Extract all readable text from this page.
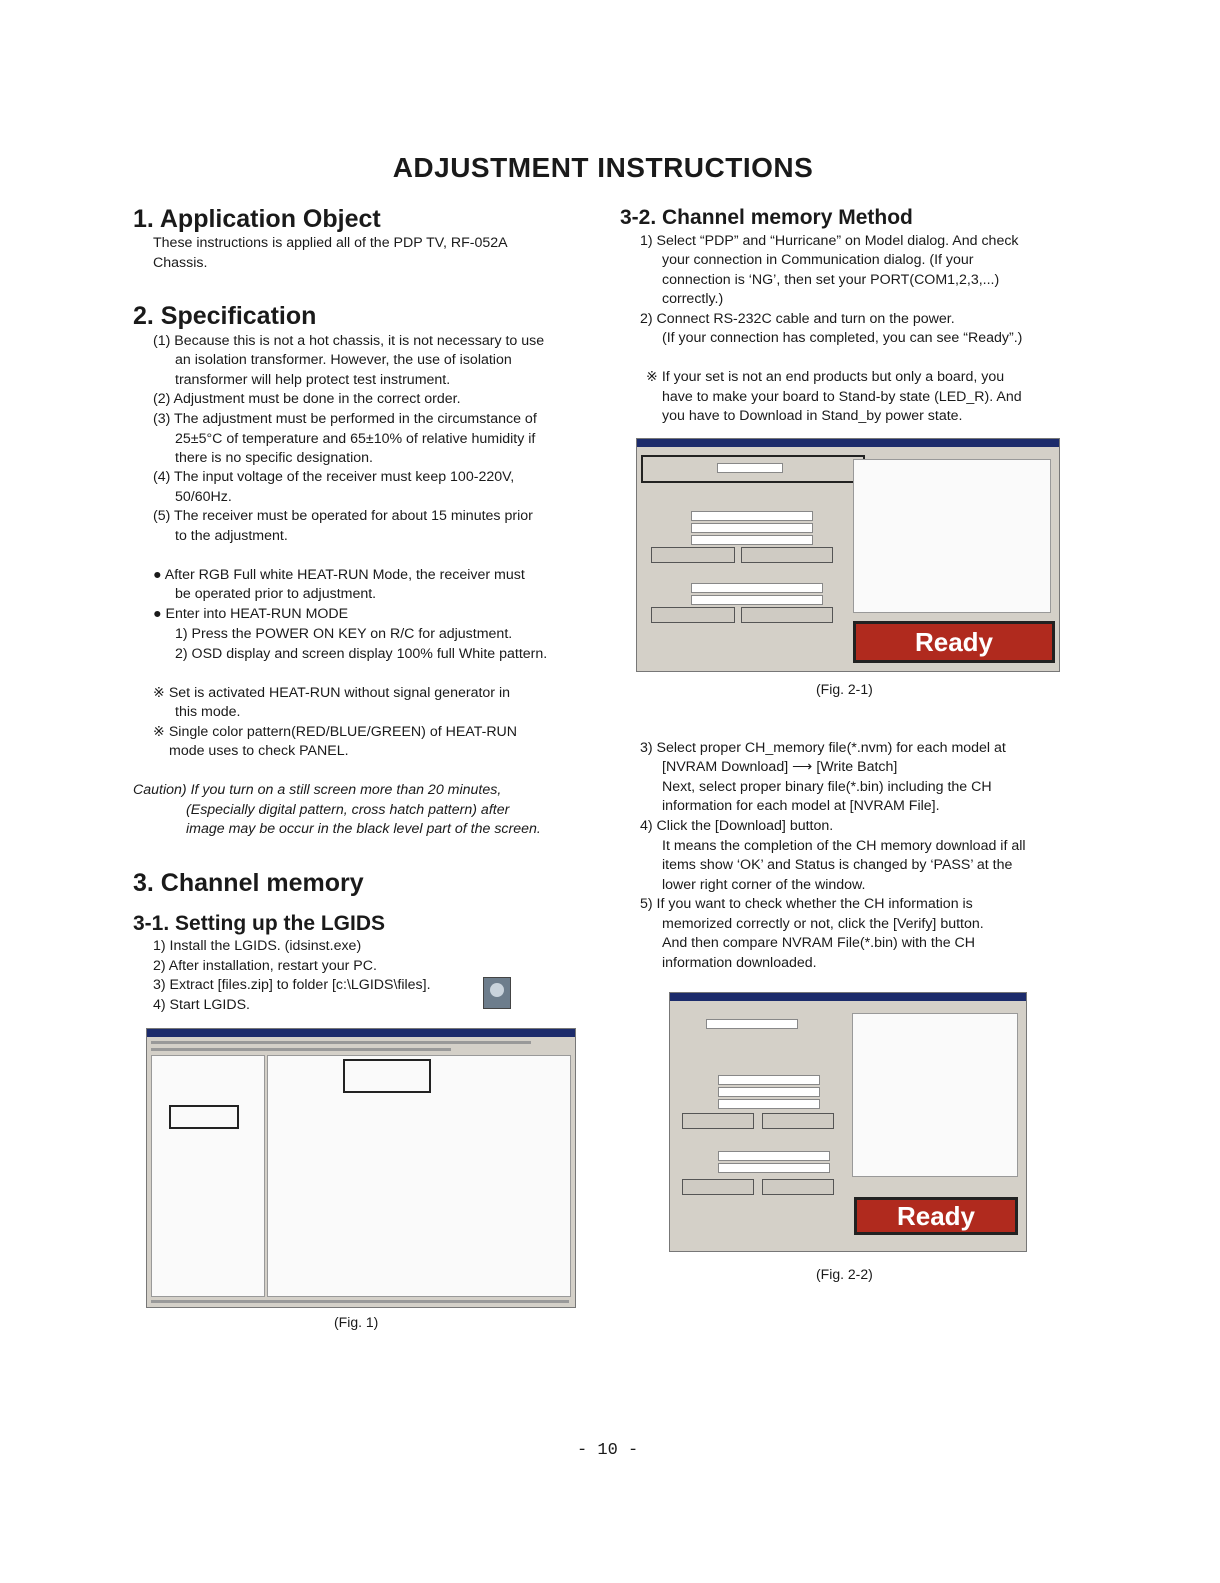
ADJUSTMENT INSTRUCTIONS
1. Application Object
These instructions is applied all of the PDP TV, RF-052A
Chassis.
2. Specification
(1) Because this is not a hot chassis, it is not necessary to use
an isolation transformer. However, the use of isolation
transformer will help protect test instrument.
(2) Adjustment must be done in the correct order.
(3) The adjustment must be performed in the circumstance of
25±5°C of temperature and 65±10% of relative humidity if
there is no specific designation.
(4) The input voltage of the receiver must keep 100-220V,
50/60Hz.
(5) The receiver must be operated for about 15 minutes prior
to the adjustment.
● After RGB Full white HEAT-RUN Mode, the receiver must
be operated prior to adjustment.
● Enter into HEAT-RUN MODE
1) Press the POWER ON KEY on R/C for adjustment.
2) OSD display and screen display 100% full White pattern.
※ Set is activated HEAT-RUN without signal generator in
this mode.
※ Single color pattern(RED/BLUE/GREEN) of HEAT-RUN
mode uses to check PANEL.
Caution) If you turn on a still screen more than 20 minutes,
(Especially digital pattern, cross hatch pattern) after
image may be occur in the black level part of the screen.
3. Channel memory
3-1. Setting up the LGIDS
1) Install the LGIDS. (idsinst.exe)
2) After installation, restart your PC.
3) Extract [files.zip] to folder [c:\LGIDS\files].
4) Start LGIDS.
(Fig. 1)
3-2. Channel memory Method
1) Select “PDP” and “Hurricane” on Model dialog. And check
your connection in Communication dialog. (If your
connection is ‘NG’, then set your PORT(COM1,2,3,...)
correctly.)
2) Connect RS-232C cable and turn on the power.
(If your connection has completed, you can see “Ready”.)
※ If your set is not an end products but only a board, you
have to make your board to Stand-by state (LED_R). And
you have to Download in Stand_by power state.
Ready
(Fig. 2-1)
3) Select proper CH_memory file(*.nvm) for each model at
[NVRAM Download] ⟶ [Write Batch]
Next, select proper binary file(*.bin) including the CH
information for each model at [NVRAM File].
4) Click the [Download] button.
It means the completion of the CH memory download if all
items show ‘OK’ and Status is changed by ‘PASS’ at the
lower right corner of the window.
5) If you want to check whether the CH information is
memorized correctly or not, click the [Verify] button.
And then compare NVRAM File(*.bin) with the CH
information downloaded.
Ready
(Fig. 2-2)
- 10 -
